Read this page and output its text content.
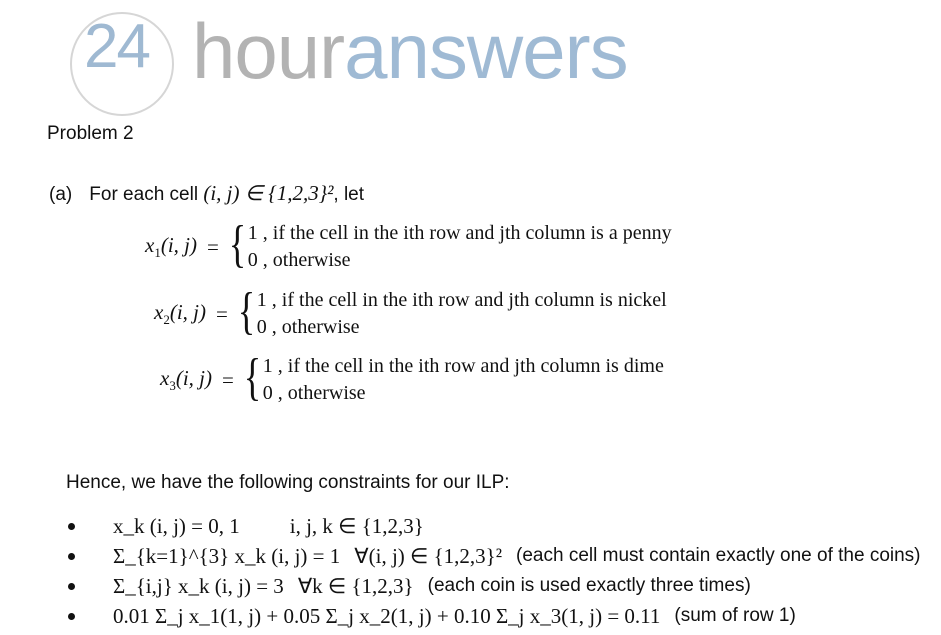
24 houranswers
Problem 2
(a) For each cell (i, j) ∈ {1,2,3}², let
$x_1(i$, j) = { 1 , if the cell in the ith row and jth column is a penny
0 , otherwise
$x_2(i$, j) = { 1 , if the cell in the ith row and jth column is nickel
0 , otherwise
$x_3(i$, j) = { 1 , if the cell in the ith row and jth column is dime
0 , otherwise
Hence, we have the following constraints for our ILP:
x_k (i, j) = 0, 1 i, j, k ∈ {1,2,3}
Σ_{k=1}^{3} x_k (i, j) = 1 ∀(i, j) ∈ {1,2,3}² (each cell must contain exactly one of the coins)
Σ_{i,j} x_k (i, j) = 3 ∀k ∈ {1,2,3} (each coin is used exactly three times)
0.01 Σ_j x_1(1, j) + 0.05 Σ_j x_2(1, j) + 0.10 Σ_j x_3(1, j) = 0.11 (sum of row 1)
